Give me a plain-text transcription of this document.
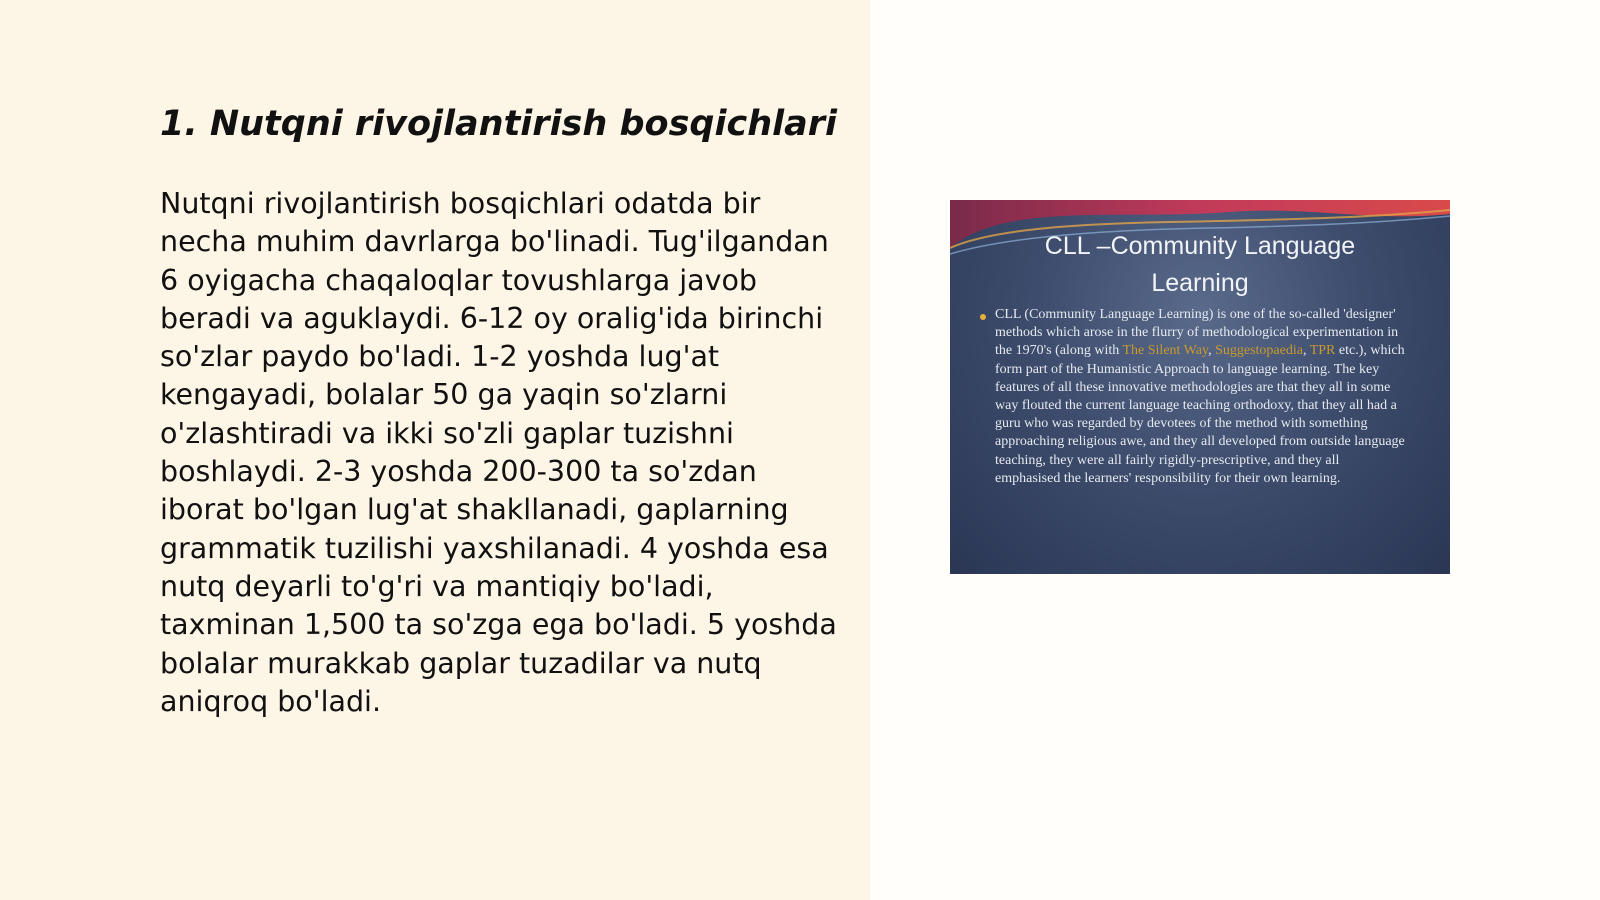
1. Nutqni rivojlantirish bosqichlari

Nutqni rivojlantirish bosqichlari odatda bir necha muhim davrlarga bo'linadi. Tug'ilgandan 6 oyigacha chaqaloqlar tovushlarga javob beradi va aguklaydi. 6-12 oy oralig'ida birinchi so'zlar paydo bo'ladi. 1-2 yoshda lug'at kengayadi, bolalar 50 ga yaqin so'zlarni o'zlashtiradi va ikki so'zli gaplar tuzishni boshlaydi. 2-3 yoshda 200-300 ta so'zdan iborat bo'lgan lug'at shakllanadi, gaplarning grammatik tuzilishi yaxshilanadi. 4 yoshda esa nutq deyarli to'g'ri va mantiqiy bo'ladi, taxminan 1,500 ta so'zga ega bo'ladi. 5 yoshda bolalar murakkab gaplar tuzadilar va nutq aniqroq bo'ladi.

CLL –Community Language
Learning

CLL (Community Language Learning) is one of the so-called 'designer' methods which arose in the flurry of methodological experimentation in the 1970's (along with The Silent Way, Suggestopaedia, TPR etc.), which form part of the Humanistic Approach to language learning. The key features of all these innovative methodologies are that they all in some way flouted the current language teaching orthodoxy, that they all had a guru who was regarded by devotees of the method with something approaching religious awe, and they all developed from outside language teaching, they were all fairly rigidly-prescriptive, and they all emphasised the learners' responsibility for their own learning.
